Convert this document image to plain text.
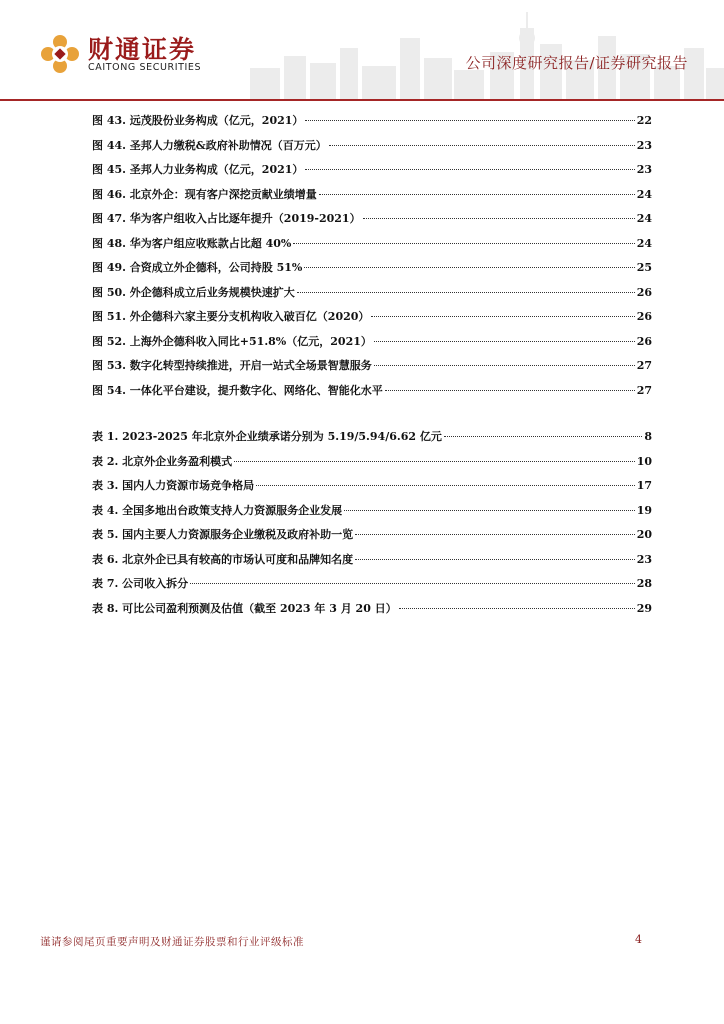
财通证券
CAITONG SECURITIES	公司深度研究报告/证券研究报告
图 43. 远茂股份业务构成（亿元，2021）	22
图 44. 圣邦人力缴税&政府补助情况（百万元）	23
图 45. 圣邦人力业务构成（亿元，2021）	23
图 46. 北京外企：现有客户深挖贡献业绩增量	24
图 47. 华为客户组收入占比逐年提升（2019-2021）	24
图 48. 华为客户组应收账款占比超 40%	24
图 49. 合资成立外企德科，公司持股 51%	25
图 50. 外企德科成立后业务规模快速扩大	26
图 51. 外企德科六家主要分支机构收入破百亿（2020）	26
图 52. 上海外企德科收入同比+51.8%（亿元，2021）	26
图 53. 数字化转型持续推进，开启一站式全场景智慧服务	27
图 54. 一体化平台建设，提升数字化、网络化、智能化水平	27
表 1. 2023-2025 年北京外企业绩承诺分别为 5.19/5.94/6.62 亿元	8
表 2. 北京外企业务盈利模式	10
表 3. 国内人力资源市场竞争格局	17
表 4. 全国多地出台政策支持人力资源服务企业发展	19
表 5. 国内主要人力资源服务企业缴税及政府补助一览	20
表 6. 北京外企已具有较高的市场认可度和品牌知名度	23
表 7. 公司收入拆分	28
表 8. 可比公司盈利预测及估值（截至 2023 年 3 月 20 日）	29
谨请参阅尾页重要声明及财通证券股票和行业评级标准	4
